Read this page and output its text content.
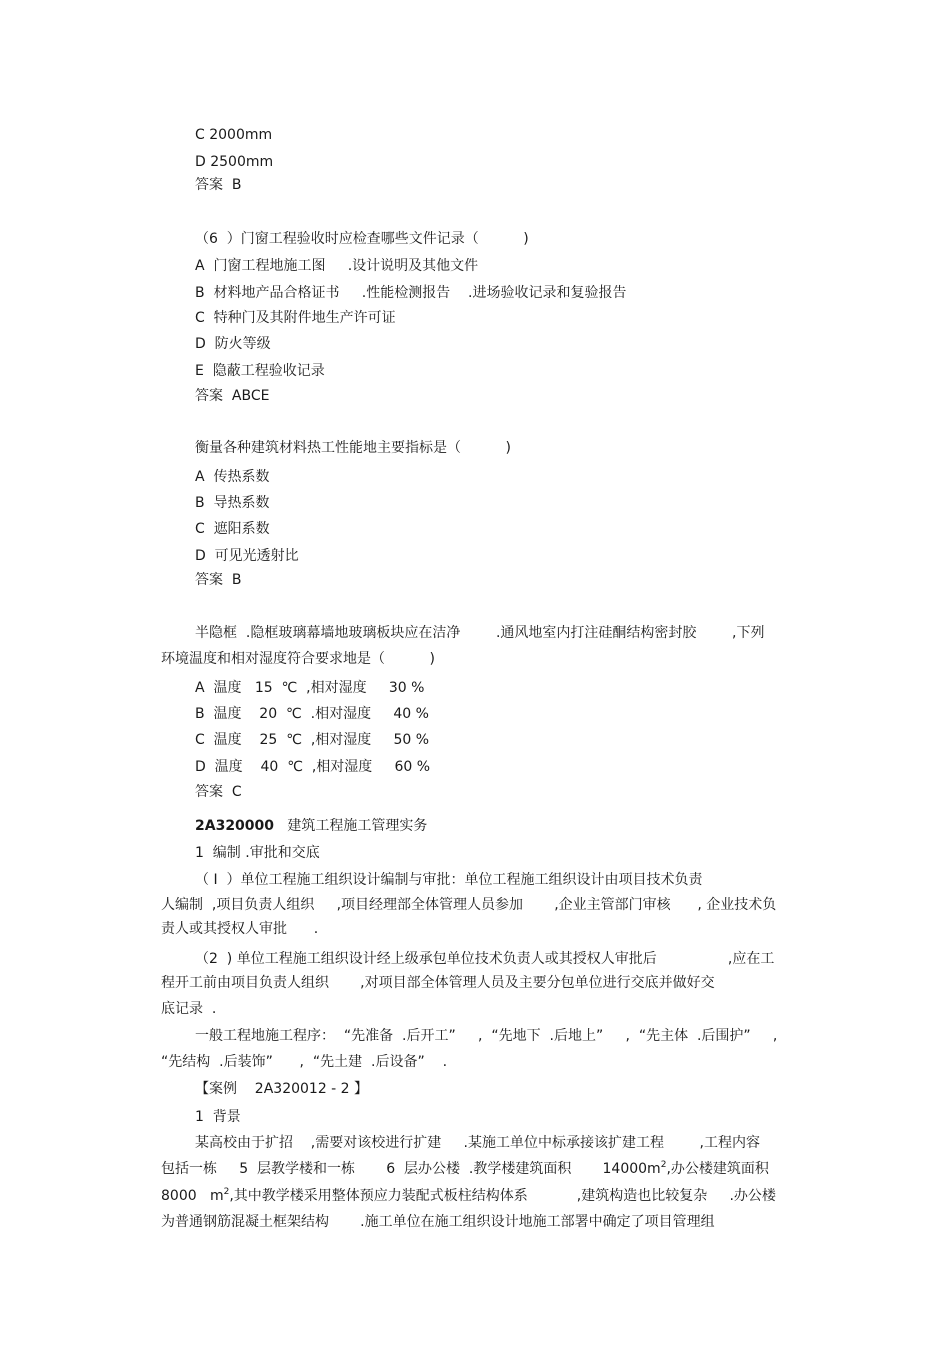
C 2000mm
D 2500mm
答案  B
（6  ）门窗工程验收时应检查哪些文件记录（          )
A  门窗工程地施工图     .设计说明及其他文件
B  材料地产品合格证书     .性能检测报告    .进场验收记录和复验报告
C  特种门及其附件地生产许可证
D  防火等级
E  隐蔽工程验收记录
答案  ABCE
衡量各种建筑材料热工性能地主要指标是（          )
A  传热系数
B  导热系数
C  遮阳系数
D  可见光透射比
答案  B
半隐框  .隐框玻璃幕墙地玻璃板块应在洁净        .通风地室内打注硅酮结构密封胶        ,下列
环境温度和相对湿度符合要求地是（          )
A  温度   15  ℃  ,相对湿度     30 %
B  温度    20  ℃  .相对湿度     40 %
C  温度    25  ℃  ,相对湿度     50 %
D  温度    40  ℃  ,相对湿度     60 %
答案  C
2A320000   建筑工程施工管理实务
1  编制 .审批和交底
（ I  ）单位工程施工组织设计编制与审批：单位工程施工组织设计由项目技术负责
人编制  ,项目负责人组织     ,项目经理部全体管理人员参加       ,企业主管部门审核      , 企业技术负
责人或其授权人审批      .
（2  ) 单位工程施工组织设计经上级承包单位技术负责人或其授权人审批后                ,应在工
程开工前由项目负责人组织       ,对项目部全体管理人员及主要分包单位进行交底并做好交
底记录  .
一般工程地施工程序：  “先准备  .后开工”     ,  “先地下  .后地上”     ,  “先主体  .后围护”     ,
“先结构  .后装饰”      ,  “先土建  .后设备”    .
【案例    2A320012 - 2 】
1  背景
某高校由于扩招    ,需要对该校进行扩建     .某施工单位中标承接该扩建工程        ,工程内容
包括一栋     5  层教学楼和一栋       6  层办公楼  .教学楼建筑面积       $14000m^2$,办公楼建筑面积
8000   $m^2$,其中教学楼采用整体预应力装配式板柱结构体系           ,建筑构造也比较复杂     .办公楼
为普通钢筋混凝土框架结构       .施工单位在施工组织设计地施工部署中确定了项目管理组
